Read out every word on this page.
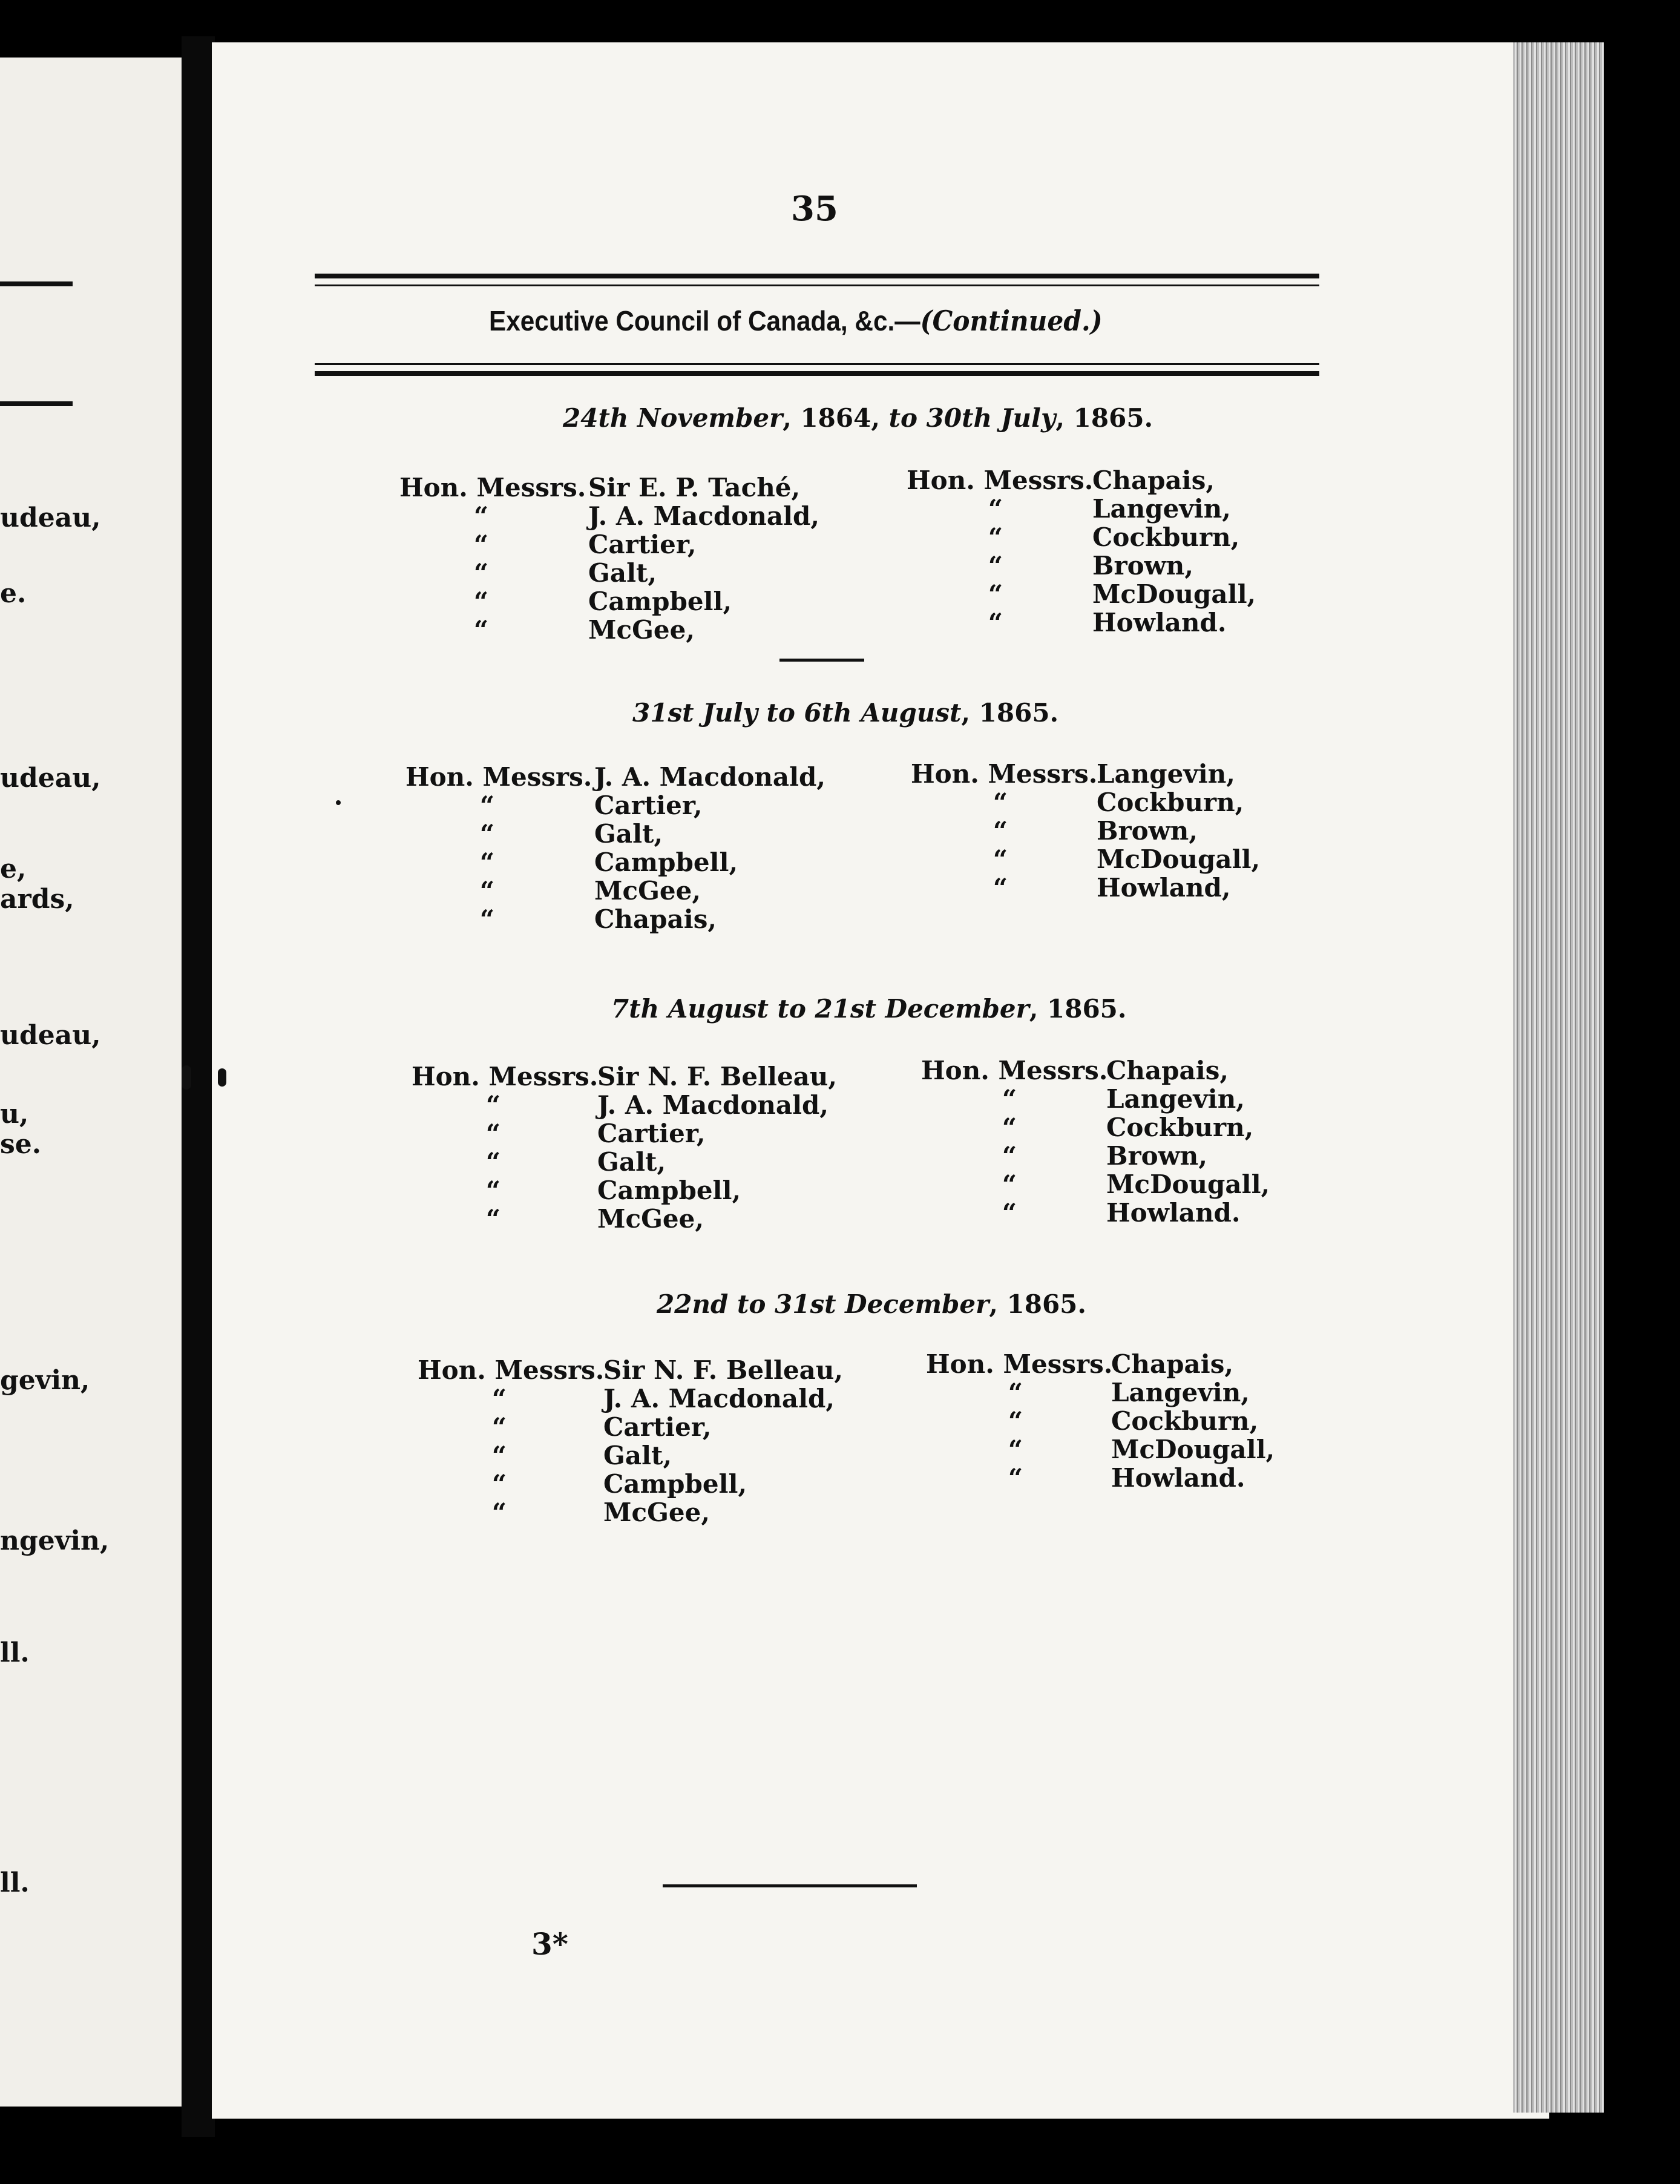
udeau,
e.
udeau,
e,
ards,
udeau,
u,
se.
gevin,
ngevin,
ll.
ll.
35
Executive Council of Canada, &c.—(Continued.)
24th November, 1864, to 30th July, 1865.
Hon. Messrs.
“
“
“
“
“
Sir E. P. Taché,
J. A. Macdonald,
Cartier,
Galt,
Campbell,
McGee,
Hon. Messrs.
“
“
“
“
“
Chapais,
Langevin,
Cockburn,
Brown,
McDougall,
Howland.
31st July to 6th August, 1865.
Hon. Messrs.
“
“
“
“
“
J. A. Macdonald,
Cartier,
Galt,
Campbell,
McGee,
Chapais,
Hon. Messrs.
“
“
“
“
Langevin,
Cockburn,
Brown,
McDougall,
Howland,
7th August to 21st December, 1865.
Hon. Messrs.
“
“
“
“
“
Sir N. F. Belleau,
J. A. Macdonald,
Cartier,
Galt,
Campbell,
McGee,
Hon. Messrs.
“
“
“
“
“
Chapais,
Langevin,
Cockburn,
Brown,
McDougall,
Howland.
22nd to 31st December, 1865.
Hon. Messrs.
“
“
“
“
“
Sir N. F. Belleau,
J. A. Macdonald,
Cartier,
Galt,
Campbell,
McGee,
Hon. Messrs.
“
“
“
“
Chapais,
Langevin,
Cockburn,
McDougall,
Howland.
3*
